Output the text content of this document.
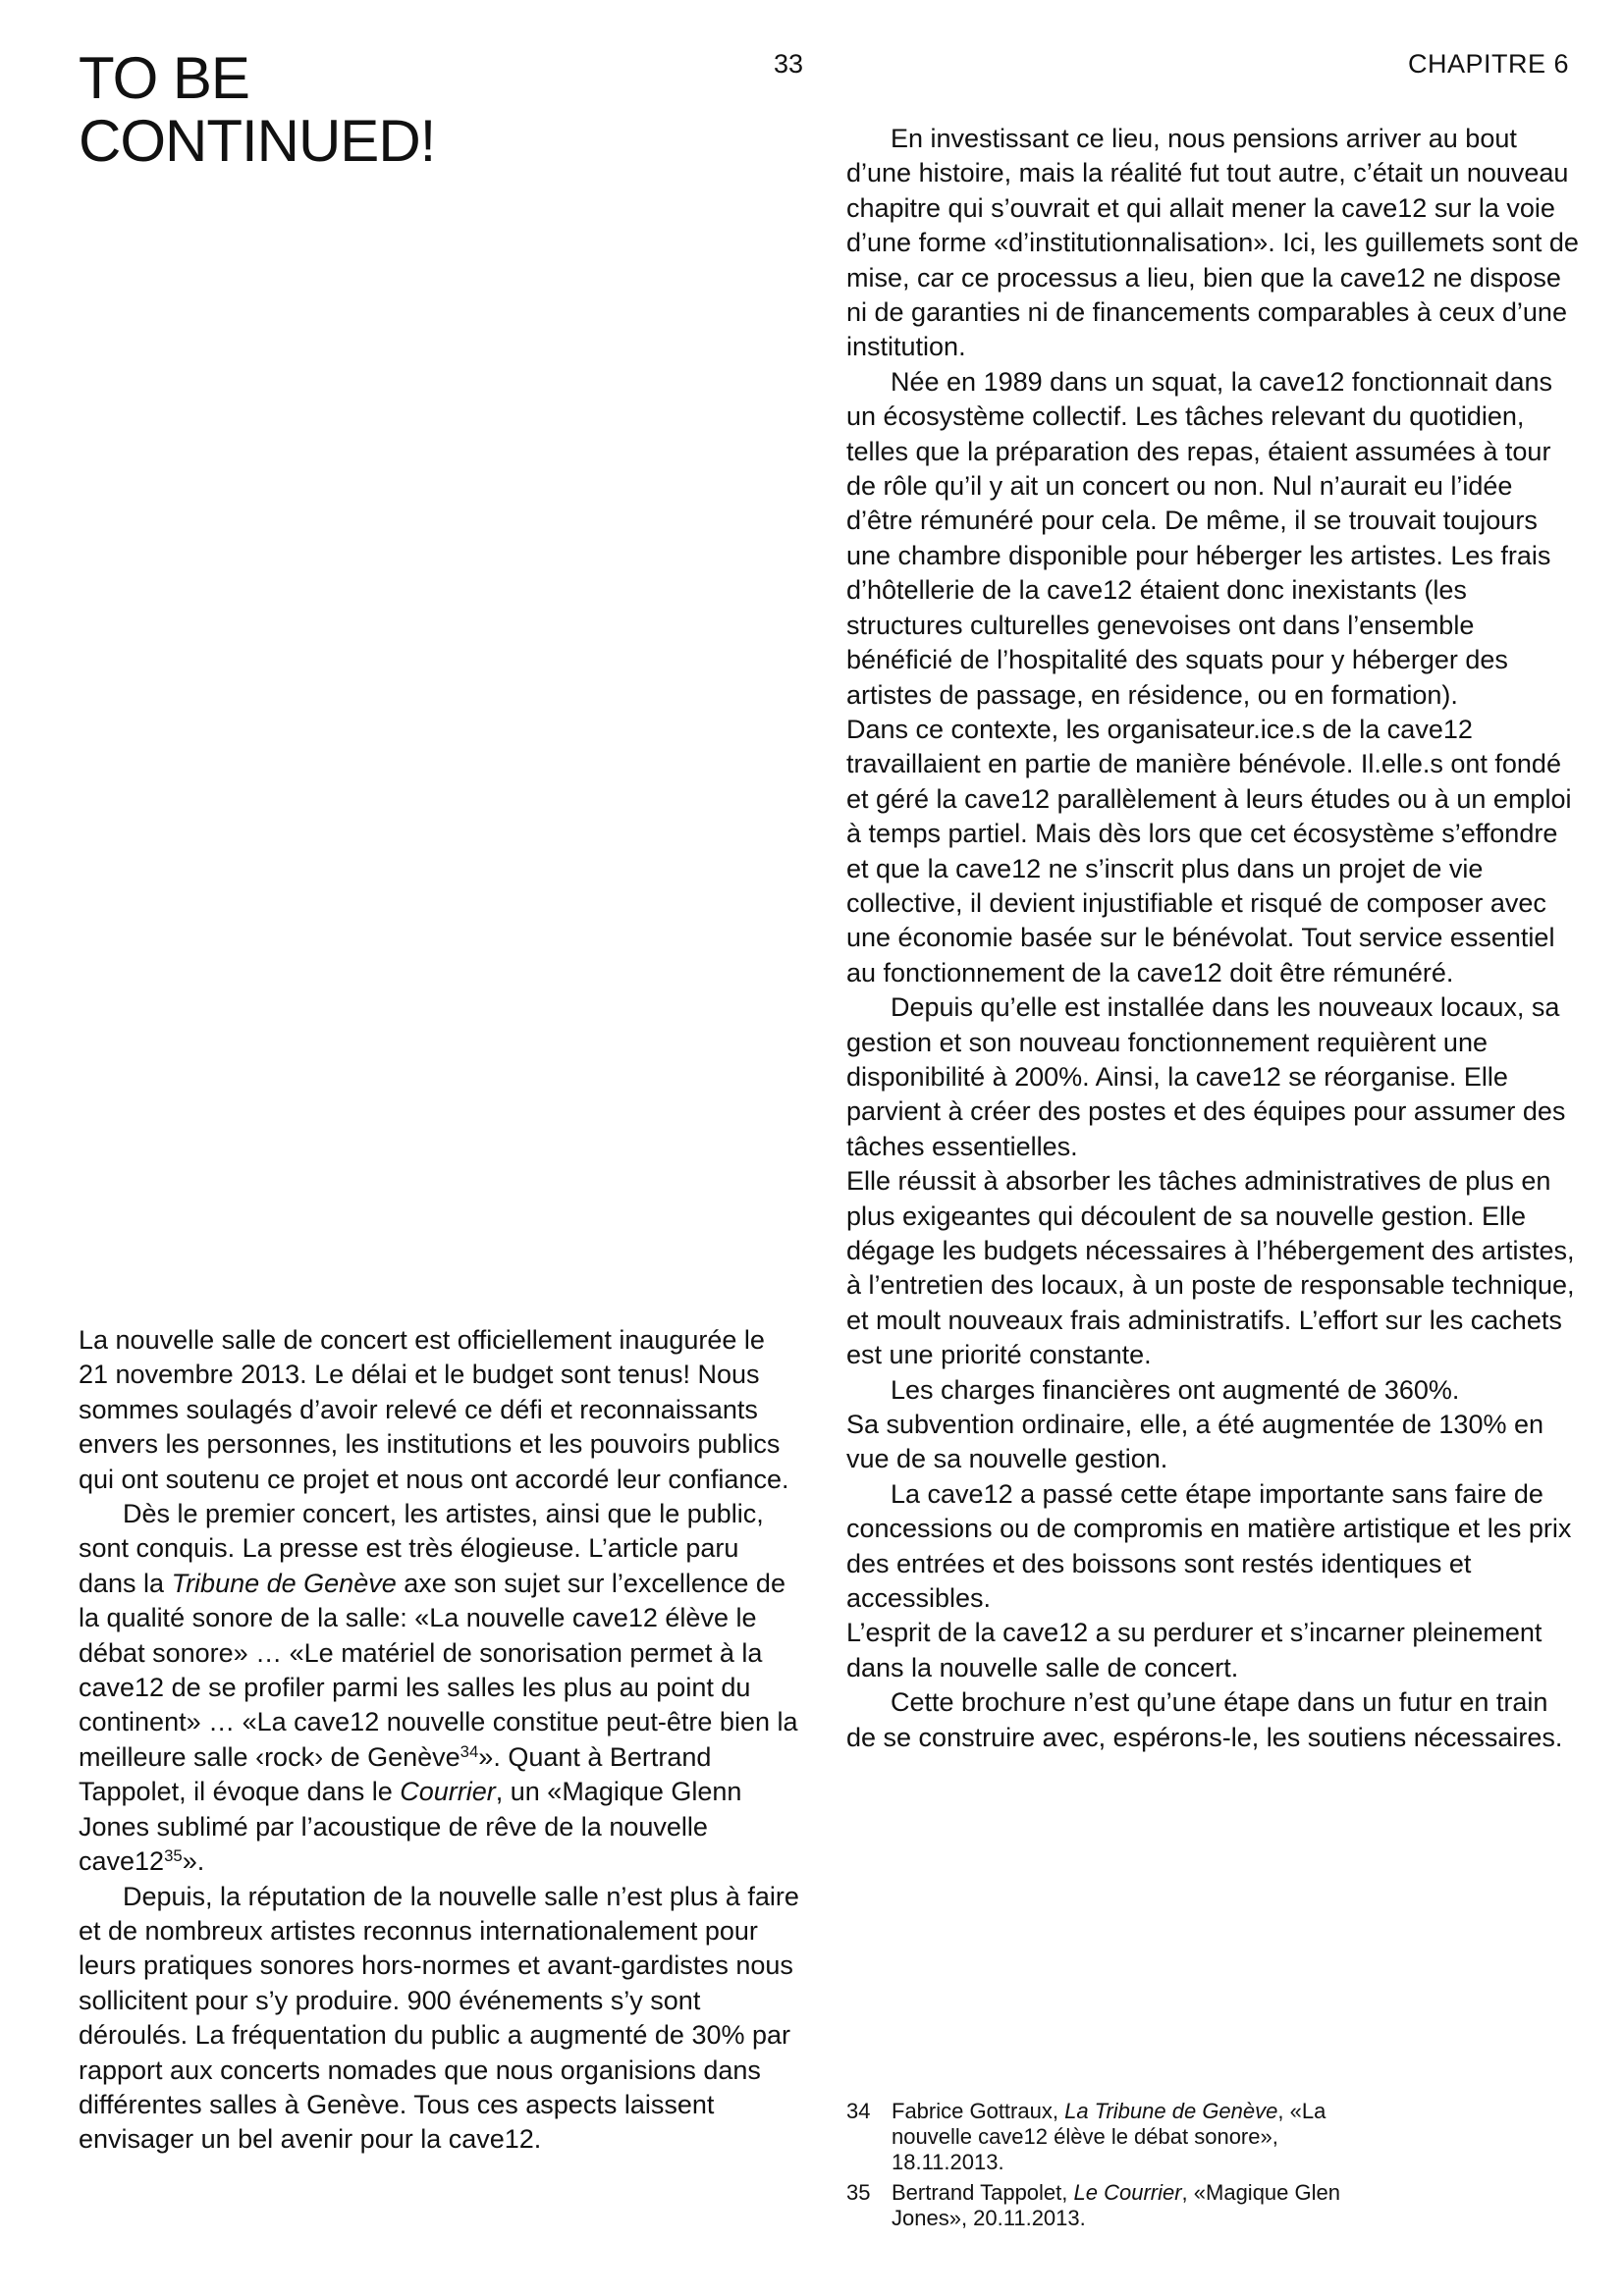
TO BE
CONTINUED!
33	CHAPITRE 6

La nouvelle salle de concert est officiellement inaugurée le 21 novembre 2013. Le délai et le budget sont tenus! Nous sommes soulagés d’avoir relevé ce défi et reconnaissants envers les personnes, les institutions et les pouvoirs publics qui ont soutenu ce projet et nous ont accordé leur confiance.

Dès le premier concert, les artistes, ainsi que le public, sont conquis. La presse est très élogieuse. L’article paru dans la Tribune de Genève axe son sujet sur l’excellence de la qualité sonore de la salle: «La nouvelle cave12 élève le débat sonore» … «Le matériel de sonorisation permet à la cave12 de se profiler parmi les salles les plus au point du continent» … «La cave12 nouvelle constitue peut-être bien la meilleure salle ‹rock› de Genève$^{34}$». Quant à Bertrand Tappolet, il évoque dans le Courrier, un «Magique Glenn Jones sublimé par l’acoustique de rêve de la nouvelle $cave12^{35}$».

Depuis, la réputation de la nouvelle salle n’est plus à faire et de nombreux artistes reconnus internationalement pour leurs pratiques sonores hors-normes et avant-gardistes nous sollicitent pour s’y produire. 900 événements s’y sont déroulés. La fréquentation du public a augmenté de 30% par rapport aux concerts nomades que nous organisions dans différentes salles à Genève. Tous ces aspects laissent envisager un bel avenir pour la cave12.

En investissant ce lieu, nous pensions arriver au bout d’une histoire, mais la réalité fut tout autre, c’était un nouveau chapitre qui s’ouvrait et qui allait mener la cave12 sur la voie d’une forme «d’institutionnalisation». Ici, les guillemets sont de mise, car ce processus a lieu, bien que la cave12 ne dispose ni de garanties ni de financements comparables à ceux d’une institution.

Née en 1989 dans un squat, la cave12 fonctionnait dans un écosystème collectif. Les tâches relevant du quotidien, telles que la préparation des repas, étaient assumées à tour de rôle qu’il y ait un concert ou non. Nul n’aurait eu l’idée d’être rémunéré pour cela. De même, il se trouvait toujours une chambre disponible pour héberger les artistes. Les frais d’hôtellerie de la cave12 étaient donc inexistants (les structures culturelles genevoises ont dans l’ensemble bénéficié de l’hospitalité des squats pour y héberger des artistes de passage, en résidence, ou en formation).

Dans ce contexte, les organisateur.ice.s de la cave12 travaillaient en partie de manière bénévole. Il.elle.s ont fondé et géré la cave12 parallèlement à leurs études ou à un emploi à temps partiel. Mais dès lors que cet écosystème s’effondre et que la cave12 ne s’inscrit plus dans un projet de vie collective, il devient injustifiable et risqué de composer avec une économie basée sur le bénévolat. Tout service essentiel au fonctionnement de la cave12 doit être rémunéré.

Depuis qu’elle est installée dans les nouveaux locaux, sa gestion et son nouveau fonctionnement requièrent une disponibilité à 200%. Ainsi, la cave12 se réorganise. Elle parvient à créer des postes et des équipes pour assumer des tâches essentielles.

Elle réussit à absorber les tâches administratives de plus en plus exigeantes qui découlent de sa nouvelle gestion. Elle dégage les budgets nécessaires à l’hébergement des artistes, à l’entretien des locaux, à un poste de responsable technique, et moult nouveaux frais administratifs. L’effort sur les cachets est une priorité constante.

Les charges financières ont augmenté de 360%.

Sa subvention ordinaire, elle, a été augmentée de 130% en vue de sa nouvelle gestion.

La cave12 a passé cette étape importante sans faire de concessions ou de compromis en matière artistique et les prix des entrées et des boissons sont restés identiques et accessibles.

L’esprit de la cave12 a su perdurer et s’incarner pleinement dans la nouvelle salle de concert.

Cette brochure n’est qu’une étape dans un futur en train de se construire avec, espérons-le, les soutiens nécessaires.

34 Fabrice Gottraux, La Tribune de Genève, «La nouvelle cave12 élève le débat sonore», 18.11.2013.

35 Bertrand Tappolet, Le Courrier, «Magique Glen Jones», 20.11.2013.
